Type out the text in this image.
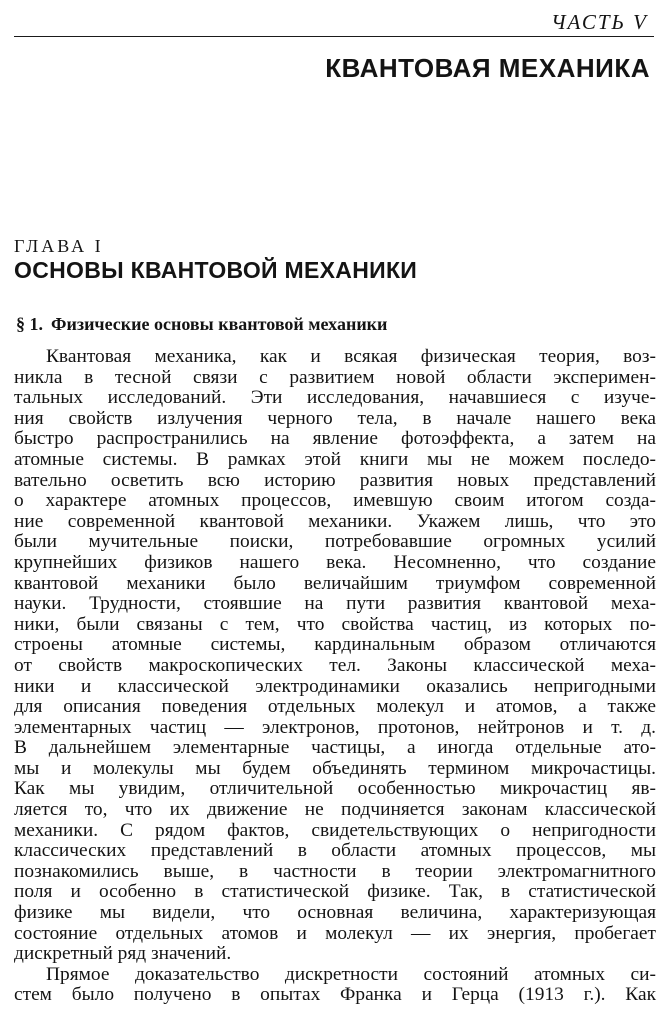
ЧАСТЬ V
КВАНТОВАЯ МЕХАНИКА
ГЛАВА I
ОСНОВЫ КВАНТОВОЙ МЕХАНИКИ
§ 1. Физические основы квантовой механики
Квантовая механика, как и всякая физическая теория, воз-
никла в тесной связи с развитием новой области эксперимен-
тальных исследований. Эти исследования, начавшиеся с изуче-
ния свойств излучения черного тела, в начале нашего века
быстро распространились на явление фотоэффекта, а затем на
атомные системы. В рамках этой книги мы не можем последо-
вательно осветить всю историю развития новых представлений
о характере атомных процессов, имевшую своим итогом созда-
ние современной квантовой механики. Укажем лишь, что это
были мучительные поиски, потребовавшие огромных усилий
крупнейших физиков нашего века. Несомненно, что создание
квантовой механики было величайшим триумфом современной
науки. Трудности, стоявшие на пути развития квантовой меха-
ники, были связаны с тем, что свойства частиц, из которых по-
строены атомные системы, кардинальным образом отличаются
от свойств макроскопических тел. Законы классической меха-
ники и классической электродинамики оказались непригодными
для описания поведения отдельных молекул и атомов, а также
элементарных частиц — электронов, протонов, нейтронов и т. д.
В дальнейшем элементарные частицы, а иногда отдельные ато-
мы и молекулы мы будем объединять термином микрочастицы.
Как мы увидим, отличительной особенностью микрочастиц яв-
ляется то, что их движение не подчиняется законам классической
механики. С рядом фактов, свидетельствующих о непригодности
классических представлений в области атомных процессов, мы
познакомились выше, в частности в теории электромагнитного
поля и особенно в статистической физике. Так, в статистической
физике мы видели, что основная величина, характеризующая
состояние отдельных атомов и молекул — их энергия, пробегает
дискретный ряд значений.
Прямое доказательство дискретности состояний атомных си-
стем было получено в опытах Франка и Герца (1913 г.). Как
